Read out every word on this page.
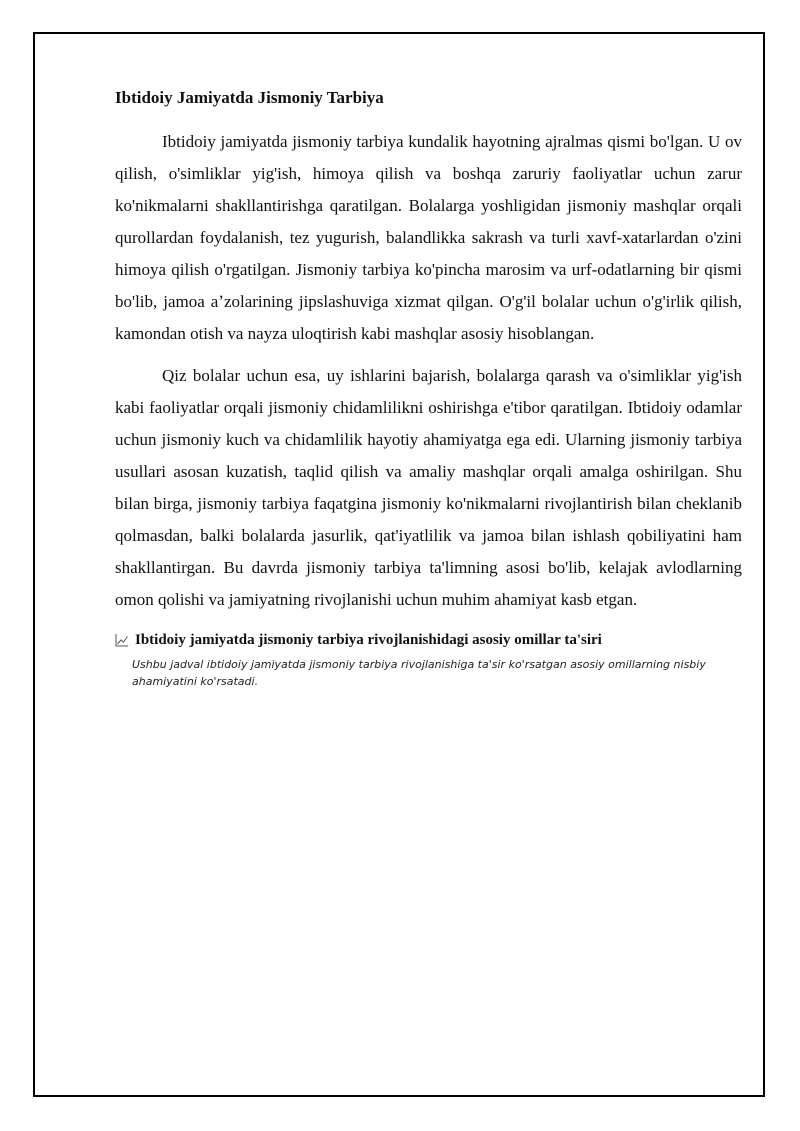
Ibtidoiy Jamiyatda Jismoniy Tarbiya

Ibtidoiy jamiyatda jismoniy tarbiya kundalik hayotning ajralmas qismi bo'lgan. U ov qilish, o'simliklar yig'ish, himoya qilish va boshqa zaruriy faoliyatlar uchun zarur ko'nikmalarni shakllantirishga qaratilgan. Bolalarga yoshligidan jismoniy mashqlar orqali qurollardan foydalanish, tez yugurish, balandlikka sakrash va turli xavf-xatarlardan o'zini himoya qilish o'rgatilgan. Jismoniy tarbiya ko'pincha marosim va urf-odatlarning bir qismi bo'lib, jamoa aʼzolarining jipslashuviga xizmat qilgan. O'g'il bolalar uchun o'g'irlik qilish, kamondan otish va nayza uloqtirish kabi mashqlar asosiy hisoblangan.

Qiz bolalar uchun esa, uy ishlarini bajarish, bolalarga qarash va o'simliklar yig'ish kabi faoliyatlar orqali jismoniy chidamlilikni oshirishga e'tibor qaratilgan. Ibtidoiy odamlar uchun jismoniy kuch va chidamlilik hayotiy ahamiyatga ega edi. Ularning jismoniy tarbiya usullari asosan kuzatish, taqlid qilish va amaliy mashqlar orqali amalga oshirilgan. Shu bilan birga, jismoniy tarbiya faqatgina jismoniy ko'nikmalarni rivojlantirish bilan cheklanib qolmasdan, balki bolalarda jasurlik, qat'iyatlilik va jamoa bilan ishlash qobiliyatini ham shakllantirgan. Bu davrda jismoniy tarbiya ta'limning asosi bo'lib, kelajak avlodlarning omon qolishi va jamiyatning rivojlanishi uchun muhim ahamiyat kasb etgan.

Ibtidoiy jamiyatda jismoniy tarbiya rivojlanishidagi asosiy omillar ta'siri
Ushbu jadval ibtidoiy jamiyatda jismoniy tarbiya rivojlanishiga ta'sir ko'rsatgan asosiy omillarning nisbiy ahamiyatini ko'rsatadi.
